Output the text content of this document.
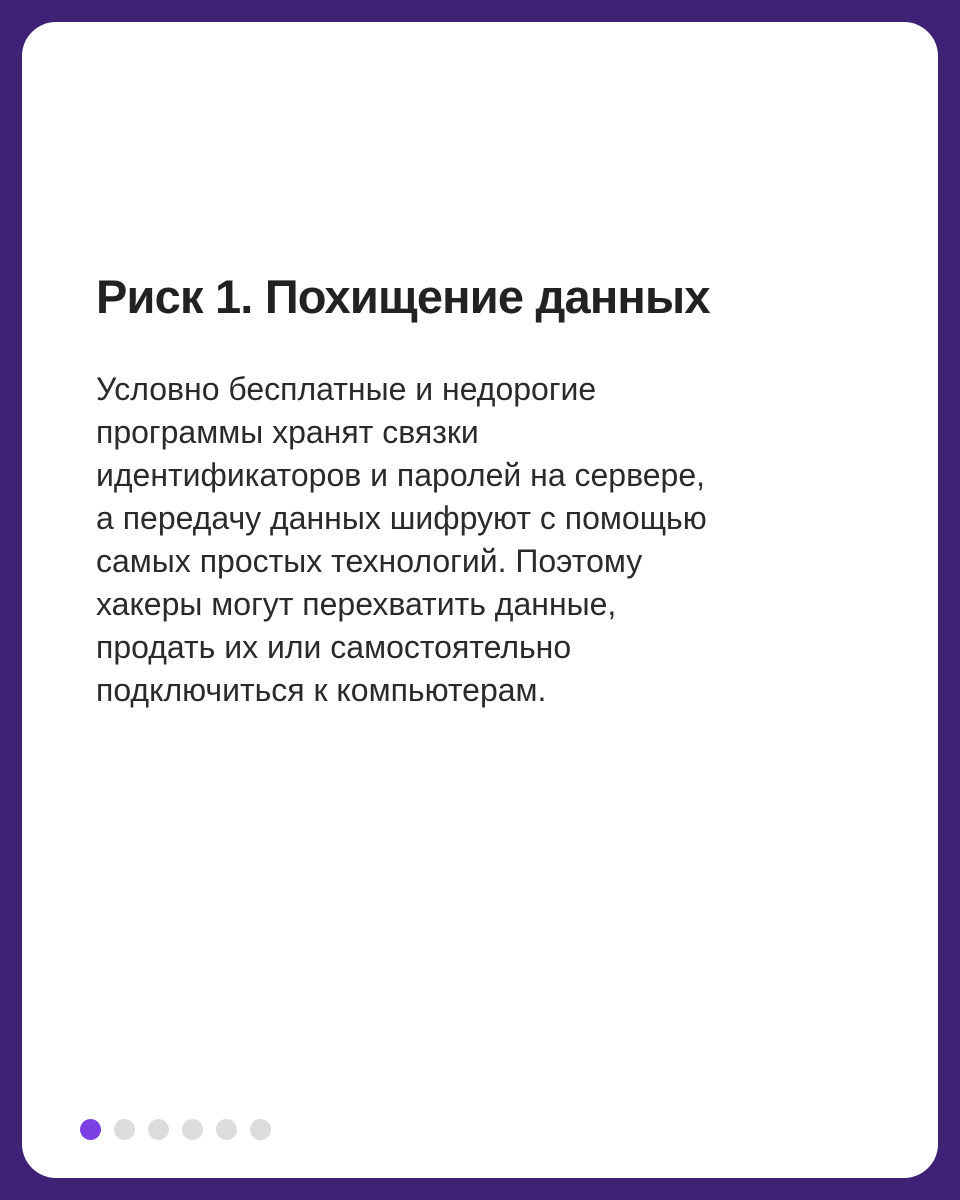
Риск 1. Похищение данных

Условно бесплатные и недорогие
программы хранят связки
идентификаторов и паролей на сервере,
а передачу данных шифруют с помощью
самых простых технологий. Поэтому
хакеры могут перехватить данные,
продать их или самостоятельно
подключиться к компьютерам.
